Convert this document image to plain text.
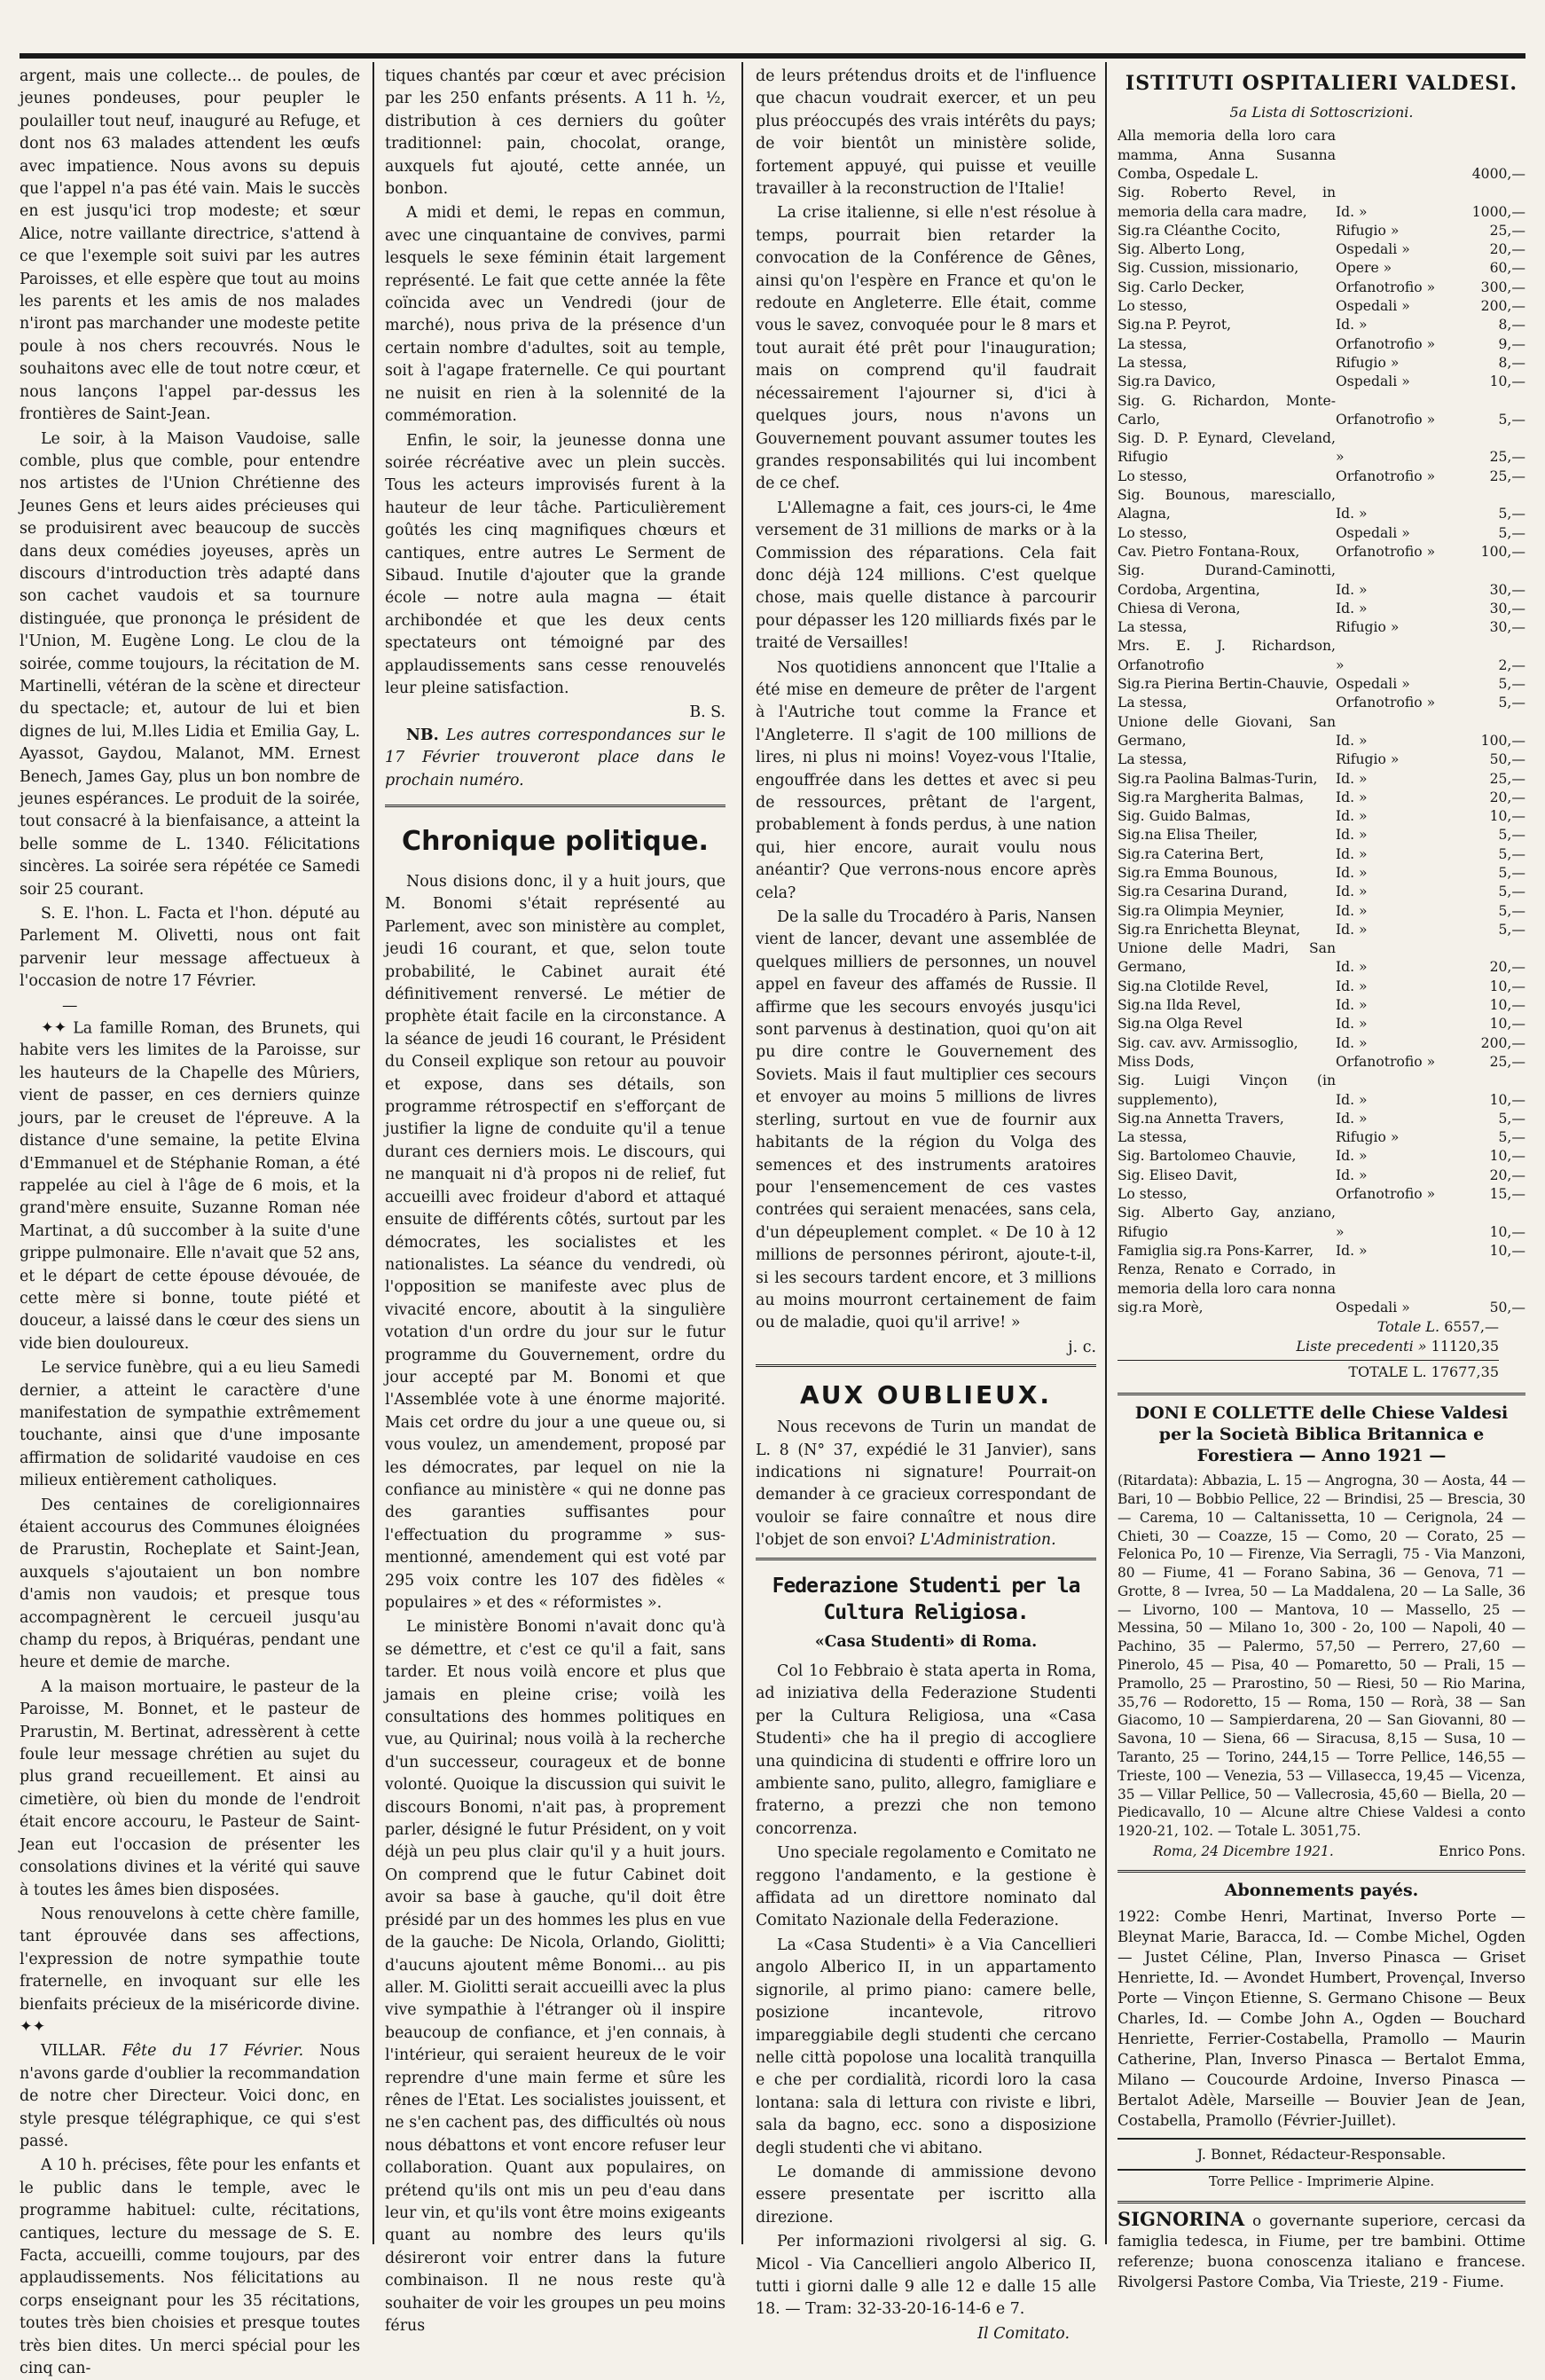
argent, mais une collecte... de poules, de jeunes pondeuses, pour peupler le poulailler tout neuf, inauguré au Refuge, et dont nos 63 malades attendent les œufs avec impatience. Nous avons su depuis que l'appel n'a pas été vain. Mais le succès en est jusqu'ici trop modeste; et sœur Alice, notre vaillante directrice, s'attend à ce que l'exemple soit suivi par les autres Paroisses, et elle espère que tout au moins les parents et les amis de nos malades n'iront pas marchander une modeste petite poule à nos chers recouvrés. Nous le souhaitons avec elle de tout notre cœur, et nous lançons l'appel par-dessus les frontières de Saint-Jean.

Le soir, à la Maison Vaudoise, salle comble, plus que comble, pour entendre nos artistes de l'Union Chrétienne des Jeunes Gens et leurs aides précieuses qui se produisirent avec beaucoup de succès dans deux comédies joyeuses, après un discours d'introduction très adapté dans son cachet vaudois et sa tournure distinguée, que prononça le président de l'Union, M. Eugène Long. Le clou de la soirée, comme toujours, la récitation de M. Martinelli, vétéran de la scène et directeur du spectacle; et, autour de lui et bien dignes de lui, M.lles Lidia et Emilia Gay, L. Ayassot, Gaydou, Malanot, MM. Ernest Benech, James Gay, plus un bon nombre de jeunes espérances. Le produit de la soirée, tout consacré à la bienfaisance, a atteint la belle somme de L. 1340. Félicitations sincères. La soirée sera répétée ce Samedi soir 25 courant.

S. E. l'hon. L. Facta et l'hon. député au Parlement M. Olivetti, nous ont fait parvenir leur message affectueux à l'occasion de notre 17 Février.

—✦✦ La famille Roman, des Brunets, qui habite vers les limites de la Paroisse, sur les hauteurs de la Chapelle des Mûriers, vient de passer, en ces derniers quinze jours, par le creuset de l'épreuve. A la distance d'une semaine, la petite Elvina d'Emmanuel et de Stéphanie Roman, a été rappelée au ciel à l'âge de 6 mois, et la grand'mère ensuite, Suzanne Roman née Martinat, a dû succomber à la suite d'une grippe pulmonaire. Elle n'avait que 52 ans, et le départ de cette épouse dévouée, de cette mère si bonne, toute piété et douceur, a laissé dans le cœur des siens un vide bien douloureux.

Le service funèbre, qui a eu lieu Samedi dernier, a atteint le caractère d'une manifestation de sympathie extrêmement touchante, ainsi que d'une imposante affirmation de solidarité vaudoise en ces milieux entièrement catholiques.

Des centaines de coreligionnaires étaient accourus des Communes éloignées de Prarustin, Rocheplate et Saint-Jean, auxquels s'ajoutaient un bon nombre d'amis non vaudois; et presque tous accompagnèrent le cercueil jusqu'au champ du repos, à Briquéras, pendant une heure et demie de marche.

A la maison mortuaire, le pasteur de la Paroisse, M. Bonnet, et le pasteur de Prarustin, M. Bertinat, adressèrent à cette foule leur message chrétien au sujet du plus grand recueillement. Et ainsi au cimetière, où bien du monde de l'endroit était encore accouru, le Pasteur de Saint-Jean eut l'occasion de présenter les consolations divines et la vérité qui sauve à toutes les âmes bien disposées.

Nous renouvelons à cette chère famille, tant éprouvée dans ses affections, l'expression de notre sympathie toute fraternelle, en invoquant sur elle les bienfaits précieux de la miséricorde divine. ✦✦

VILLAR. Fête du 17 Février. Nous n'avons garde d'oublier la recommandation de notre cher Directeur. Voici donc, en style presque télégraphique, ce qui s'est passé.

A 10 h. précises, fête pour les enfants et le public dans le temple, avec le programme habituel: culte, récitations, cantiques, lecture du message de S. E. Facta, accueilli, comme toujours, par des applaudissements. Nos félicitations au corps enseignant pour les 35 récitations, toutes très bien choisies et presque toutes très bien dites. Un merci spécial pour les cinq can-

tiques chantés par cœur et avec précision par les 250 enfants présents. A 11 h. ½, distribution à ces derniers du goûter traditionnel: pain, chocolat, orange, auxquels fut ajouté, cette année, un bonbon.

A midi et demi, le repas en commun, avec une cinquantaine de convives, parmi lesquels le sexe féminin était largement représenté. Le fait que cette année la fête coïncida avec un Vendredi (jour de marché), nous priva de la présence d'un certain nombre d'adultes, soit au temple, soit à l'agape fraternelle. Ce qui pourtant ne nuisit en rien à la solennité de la commémoration.

Enfin, le soir, la jeunesse donna une soirée récréative avec un plein succès. Tous les acteurs improvisés furent à la hauteur de leur tâche. Particulièrement goûtés les cinq magnifiques chœurs et cantiques, entre autres Le Serment de Sibaud. Inutile d'ajouter que la grande école — notre aula magna — était archibondée et que les deux cents spectateurs ont témoigné par des applaudissements sans cesse renouvelés leur pleine satisfaction.

B. S.

NB. Les autres correspondances sur le 17 Février trouveront place dans le prochain numéro.

Chronique politique.

Nous disions donc, il y a huit jours, que M. Bonomi s'était représenté au Parlement, avec son ministère au complet, jeudi 16 courant, et que, selon toute probabilité, le Cabinet aurait été définitivement renversé. Le métier de prophète était facile en la circonstance. A la séance de jeudi 16 courant, le Président du Conseil explique son retour au pouvoir et expose, dans ses détails, son programme rétrospectif en s'efforçant de justifier la ligne de conduite qu'il a tenue durant ces derniers mois. Le discours, qui ne manquait ni d'à propos ni de relief, fut accueilli avec froideur d'abord et attaqué ensuite de différents côtés, surtout par les démocrates, les socialistes et les nationalistes. La séance du vendredi, où l'opposition se manifeste avec plus de vivacité encore, aboutit à la singulière votation d'un ordre du jour sur le futur programme du Gouvernement, ordre du jour accepté par M. Bonomi et que l'Assemblée vote à une énorme majorité. Mais cet ordre du jour a une queue ou, si vous voulez, un amendement, proposé par les démocrates, par lequel on nie la confiance au ministère « qui ne donne pas des garanties suffisantes pour l'effectuation du programme » sus-mentionné, amendement qui est voté par 295 voix contre les 107 des fidèles « populaires » et des « réformistes ».

Le ministère Bonomi n'avait donc qu'à se démettre, et c'est ce qu'il a fait, sans tarder. Et nous voilà encore et plus que jamais en pleine crise; voilà les consultations des hommes politiques en vue, au Quirinal; nous voilà à la recherche d'un successeur, courageux et de bonne volonté. Quoique la discussion qui suivit le discours Bonomi, n'ait pas, à proprement parler, désigné le futur Président, on y voit déjà un peu plus clair qu'il y a huit jours. On comprend que le futur Cabinet doit avoir sa base à gauche, qu'il doit être présidé par un des hommes les plus en vue de la gauche: De Nicola, Orlando, Giolitti; d'aucuns ajoutent même Bonomi... au pis aller. M. Giolitti serait accueilli avec la plus vive sympathie à l'étranger où il inspire beaucoup de confiance, et j'en connais, à l'intérieur, qui seraient heureux de le voir reprendre d'une main ferme et sûre les rênes de l'Etat. Les socialistes jouissent, et ne s'en cachent pas, des difficultés où nous nous débattons et vont encore refuser leur collaboration. Quant aux populaires, on prétend qu'ils ont mis un peu d'eau dans leur vin, et qu'ils vont être moins exigeants quant au nombre des leurs qu'ils désireront voir entrer dans la future combinaison. Il ne nous reste qu'à souhaiter de voir les groupes un peu moins férus

de leurs prétendus droits et de l'influence que chacun voudrait exercer, et un peu plus préoccupés des vrais intérêts du pays; de voir bientôt un ministère solide, fortement appuyé, qui puisse et veuille travailler à la reconstruction de l'Italie!

La crise italienne, si elle n'est résolue à temps, pourrait bien retarder la convocation de la Conférence de Gênes, ainsi qu'on l'espère en France et qu'on le redoute en Angleterre. Elle était, comme vous le savez, convoquée pour le 8 mars et tout aurait été prêt pour l'inauguration; mais on comprend qu'il faudrait nécessairement l'ajourner si, d'ici à quelques jours, nous n'avons un Gouvernement pouvant assumer toutes les grandes responsabilités qui lui incombent de ce chef.

L'Allemagne a fait, ces jours-ci, le 4me versement de 31 millions de marks or à la Commission des réparations. Cela fait donc déjà 124 millions. C'est quelque chose, mais quelle distance à parcourir pour dépasser les 120 milliards fixés par le traité de Versailles!

Nos quotidiens annoncent que l'Italie a été mise en demeure de prêter de l'argent à l'Autriche tout comme la France et l'Angleterre. Il s'agit de 100 millions de lires, ni plus ni moins! Voyez-vous l'Italie, engouffrée dans les dettes et avec si peu de ressources, prêtant de l'argent, probablement à fonds perdus, à une nation qui, hier encore, aurait voulu nous anéantir? Que verrons-nous encore après cela?

De la salle du Trocadéro à Paris, Nansen vient de lancer, devant une assemblée de quelques milliers de personnes, un nouvel appel en faveur des affamés de Russie. Il affirme que les secours envoyés jusqu'ici sont parvenus à destination, quoi qu'on ait pu dire contre le Gouvernement des Soviets. Mais il faut multiplier ces secours et envoyer au moins 5 millions de livres sterling, surtout en vue de fournir aux habitants de la région du Volga des semences et des instruments aratoires pour l'ensemencement de ces vastes contrées qui seraient menacées, sans cela, d'un dépeuplement complet. « De 10 à 12 millions de personnes périront, ajoute-t-il, si les secours tardent encore, et 3 millions au moins mourront certainement de faim ou de maladie, quoi qu'il arrive! »

j. c.
AUX OUBLIEUX.

Nous recevons de Turin un mandat de L. 8 (N° 37, expédié le 31 Janvier), sans indications ni signature! Pourrait-on demander à ce gracieux correspondant de vouloir se faire connaître et nous dire l'objet de son envoi? L'Administration.

Federazione Studenti per la Cultura Religiosa.
«Casa Studenti» di Roma.

Col 1o Febbraio è stata aperta in Roma, ad iniziativa della Federazione Studenti per la Cultura Religiosa, una «Casa Studenti» che ha il pregio di accogliere una quindicina di studenti e offrire loro un ambiente sano, pulito, allegro, famigliare e fraterno, a prezzi che non temono concorrenza.

Uno speciale regolamento e Comitato ne reggono l'andamento, e la gestione è affidata ad un direttore nominato dal Comitato Nazionale della Federazione.

La «Casa Studenti» è a Via Cancellieri angolo Alberico II, in un appartamento signorile, al primo piano: camere belle, posizione incantevole, ritrovo impareggiabile degli studenti che cercano nelle città popolose una località tranquilla e che per cordialità, ricordi loro la casa lontana: sala di lettura con riviste e libri, sala da bagno, ecc. sono a disposizione degli studenti che vi abitano.

Le domande di ammissione devono essere presentate per iscritto alla direzione.

Per informazioni rivolgersi al sig. G. Micol - Via Cancellieri angolo Alberico II, tutti i giorni dalle 9 alle 12 e dalle 15 alle 18. — Tram: 32-33-20-16-14-6 e 7.

Il Comitato.
ISTITUTI OSPITALIERI VALDESI.
5a Lista di Sottoscrizioni.
Alla memoria della loro cara mamma, Anna Susanna Comba, Ospedale L.		4000,—
Sig. Roberto Revel, in memoria della cara madre,	Id. »	1000,—
Sig.ra Cléanthe Cocito,	Rifugio »	25,—
Sig. Alberto Long,	Ospedali »	20,—
Sig. Cussion, missionario,	Opere »	60,—
Sig. Carlo Decker,	Orfanotrofio »	300,—
Lo stesso,	Ospedali »	200,—
Sig.na P. Peyrot,	Id. »	8,—
La stessa,	Orfanotrofio »	9,—
La stessa,	Rifugio »	8,—
Sig.ra Davico,	Ospedali »	10,—
Sig. G. Richardon, Monte-Carlo,	Orfanotrofio »	5,—
Sig. D. P. Eynard, Cleveland, Rifugio	»	25,—
Lo stesso,	Orfanotrofio »	25,—
Sig. Bounous, maresciallo, Alagna,	Id. »	5,—
Lo stesso,	Ospedali »	5,—
Cav. Pietro Fontana-Roux,	Orfanotrofio »	100,—
Sig. Durand-Caminotti, Cordoba, Argentina,	Id. »	30,—
Chiesa di Verona,	Id. »	30,—
La stessa,	Rifugio »	30,—
Mrs. E. J. Richardson, Orfanotrofio	»	2,—
Sig.ra Pierina Bertin-Chauvie,	Ospedali »	5,—
La stessa,	Orfanotrofio »	5,—
Unione delle Giovani, San Germano,	Id. »	100,—
La stessa,	Rifugio »	50,—
Sig.ra Paolina Balmas-Turin,	Id. »	25,—
Sig.ra Margherita Balmas,	Id. »	20,—
Sig. Guido Balmas,	Id. »	10,—
Sig.na Elisa Theiler,	Id. »	5,—
Sig.ra Caterina Bert,	Id. »	5,—
Sig.ra Emma Bounous,	Id. »	5,—
Sig.ra Cesarina Durand,	Id. »	5,—
Sig.ra Olimpia Meynier,	Id. »	5,—
Sig.ra Enrichetta Bleynat,	Id. »	5,—
Unione delle Madri, San Germano,	Id. »	20,—
Sig.na Clotilde Revel,	Id. »	10,—
Sig.na Ilda Revel,	Id. »	10,—
Sig.na Olga Revel	Id. »	10,—
Sig. cav. avv. Armissoglio,	Id. »	200,—
Miss Dods,	Orfanotrofio »	25,—
Sig. Luigi Vinçon (in supplemento),	Id. »	10,—
Sig.na Annetta Travers,	Id. »	5,—
La stessa,	Rifugio »	5,—
Sig. Bartolomeo Chauvie,	Id. »	10,—
Sig. Eliseo Davit,	Id. »	20,—
Lo stesso,	Orfanotrofio »	15,—
Sig. Alberto Gay, anziano, Rifugio	»	10,—
Famiglia sig.ra Pons-Karrer,	Id. »	10,—
Renza, Renato e Corrado, in memoria della loro cara nonna sig.ra Morè,	Ospedali »	50,—
Totale L. 6557,—
Liste precedenti » 11120,35
TOTALE L. 17677,35
DONI E COLLETTE delle Chiese Valdesi per la Società Biblica Britannica e Forestiera — Anno 1921 —

(Ritardata): Abbazia, L. 15 — Angrogna, 30 — Aosta, 44 — Bari, 10 — Bobbio Pellice, 22 — Brindisi, 25 — Brescia, 30 — Carema, 10 — Caltanissetta, 10 — Cerignola, 24 — Chieti, 30 — Coazze, 15 — Como, 20 — Corato, 25 — Felonica Po, 10 — Firenze, Via Serragli, 75 - Via Manzoni, 80 — Fiume, 41 — Forano Sabina, 36 — Genova, 71 — Grotte, 8 — Ivrea, 50 — La Maddalena, 20 — La Salle, 36 — Livorno, 100 — Mantova, 10 — Massello, 25 — Messina, 50 — Milano 1o, 300 - 2o, 100 — Napoli, 40 — Pachino, 35 — Palermo, 57,50 — Perrero, 27,60 — Pinerolo, 45 — Pisa, 40 — Pomaretto, 50 — Prali, 15 — Pramollo, 25 — Prarostino, 50 — Riesi, 50 — Rio Marina, 35,76 — Rodoretto, 15 — Roma, 150 — Rorà, 38 — San Giacomo, 10 — Sampierdarena, 20 — San Giovanni, 80 — Savona, 10 — Siena, 66 — Siracusa, 8,15 — Susa, 10 — Taranto, 25 — Torino, 244,15 — Torre Pellice, 146,55 — Trieste, 100 — Venezia, 53 — Villasecca, 19,45 — Vicenza, 35 — Villar Pellice, 50 — Vallecrosia, 45,60 — Biella, 20 — Piedicavallo, 10 — Alcune altre Chiese Valdesi a conto 1920-21, 102. — Totale L. 3051,75.

Roma, 24 Dicembre 1921.	Enrico Pons.
Abonnements payés.

1922: Combe Henri, Martinat, Inverso Porte — Bleynat Marie, Baracca, Id. — Combe Michel, Ogden — Justet Céline, Plan, Inverso Pinasca — Griset Henriette, Id. — Avondet Humbert, Provençal, Inverso Porte — Vinçon Etienne, S. Germano Chisone — Beux Charles, Id. — Combe John A., Ogden — Bouchard Henriette, Ferrier-Costabella, Pramollo — Maurin Catherine, Plan, Inverso Pinasca — Bertalot Emma, Milano — Coucourde Ardoine, Inverso Pinasca — Bertalot Adèle, Marseille — Bouvier Jean de Jean, Costabella, Pramollo (Février-Juillet).

J. Bonnet, Rédacteur-Responsable.
Torre Pellice - Imprimerie Alpine.

SIGNORINA o governante superiore, cercasi da famiglia tedesca, in Fiume, per tre bambini. Ottime referenze; buona conoscenza italiano e francese. Rivolgersi Pastore Comba, Via Trieste, 219 - Fiume.
